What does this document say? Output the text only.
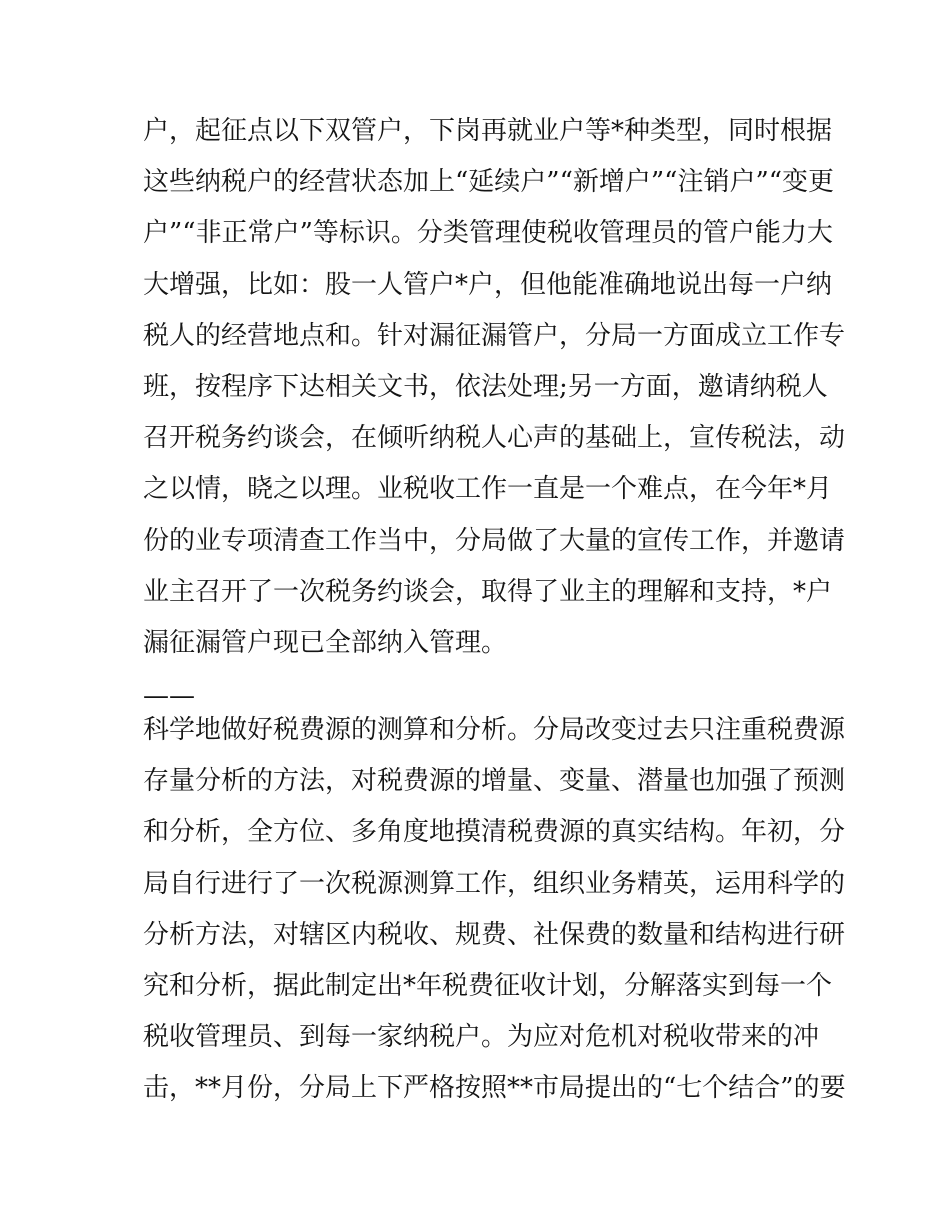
户，起征点以下双管户，下岗再就业户等*种类型，同时根据
这些纳税户的经营状态加上“延续户”“新增户”“注销户”“变更
户”“非正常户”等标识。分类管理使税收管理员的管户能力大
大增强，比如：股一人管户*户，但他能准确地说出每一户纳
税人的经营地点和。针对漏征漏管户，分局一方面成立工作专
班，按程序下达相关文书，依法处理;另一方面，邀请纳税人
召开税务约谈会，在倾听纳税人心声的基础上，宣传税法，动
之以情，晓之以理。业税收工作一直是一个难点，在今年*月
份的业专项清查工作当中，分局做了大量的宣传工作，并邀请
业主召开了一次税务约谈会，取得了业主的理解和支持，*户
漏征漏管户现已全部纳入管理。
——
科学地做好税费源的测算和分析。分局改变过去只注重税费源
存量分析的方法，对税费源的增量、变量、潜量也加强了预测
和分析，全方位、多角度地摸清税费源的真实结构。年初，分
局自行进行了一次税源测算工作，组织业务精英，运用科学的
分析方法，对辖区内税收、规费、社保费的数量和结构进行研
究和分析，据此制定出*年税费征收计划，分解落实到每一个
税收管理员、到每一家纳税户。为应对危机对税收带来的冲
击，**月份，分局上下严格按照**市局提出的“七个结合”的要
